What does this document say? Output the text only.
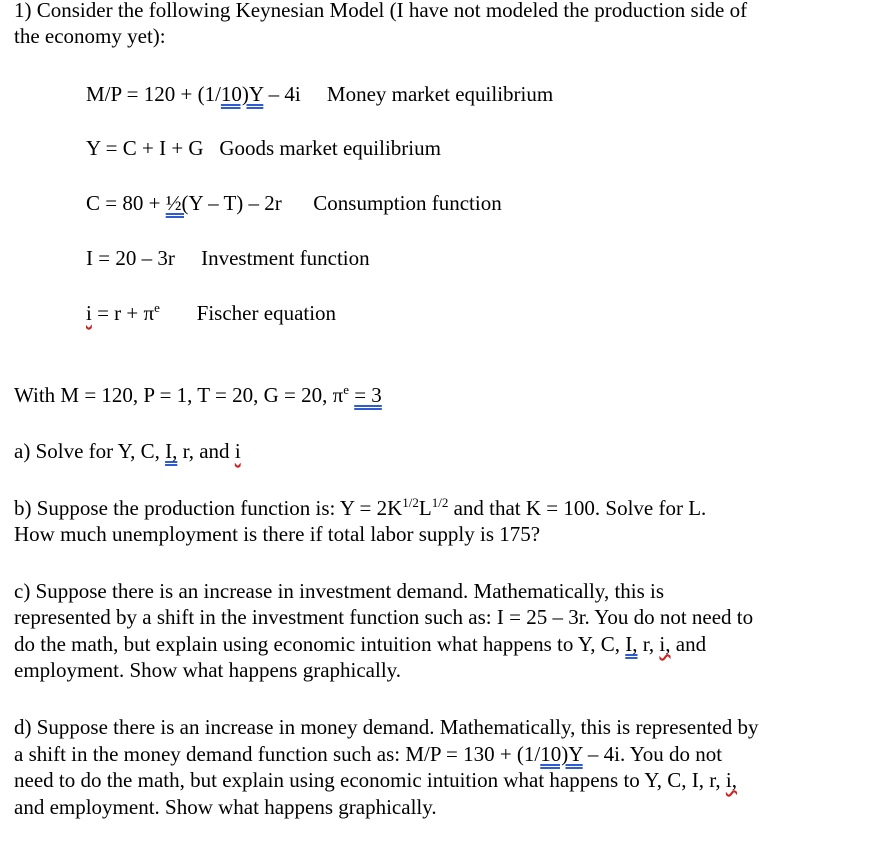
1) Consider the following Keynesian Model (I have not modeled the production side of
the economy yet):
M/P = 120 + (1/10)Y – 4i Money market equilibrium
Y = C + I + G Goods market equilibrium
C = 80 + ½(Y – T) – 2r Consumption function
I = 20 – 3r Investment function
$i = r + \pi^e$ Fischer equation
With M = 120, P = 1, T = 20, G = 20, $\pi^e = 3$
a) Solve for Y, C, I, r, and i
b) Suppose the production function is: $Y = 2K^{1/2}L^{1/2}$ and that K = 100. Solve for L.
How much unemployment is there if total labor supply is 175?
c) Suppose there is an increase in investment demand. Mathematically, this is
represented by a shift in the investment function such as: I = 25 – 3r. You do not need to
do the math, but explain using economic intuition what happens to Y, C, I, r, i, and
employment. Show what happens graphically.
d) Suppose there is an increase in money demand. Mathematically, this is represented by
a shift in the money demand function such as: M/P = 130 + (1/10)Y – 4i. You do not
need to do the math, but explain using economic intuition what happens to Y, C, I, r, i,
and employment. Show what happens graphically.
